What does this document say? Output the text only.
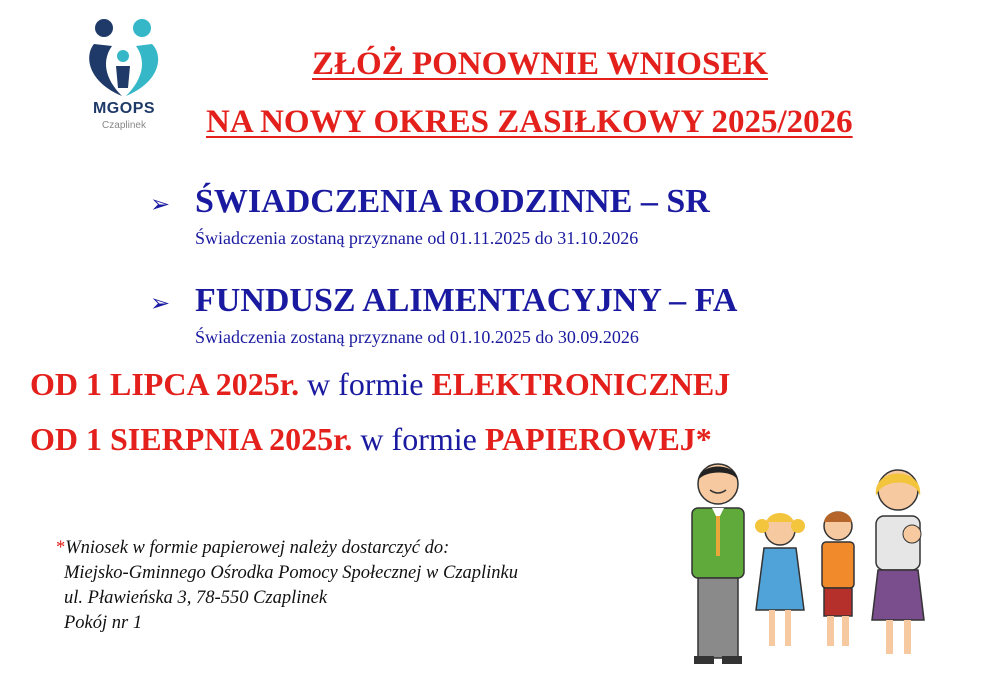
MGOPS
Czaplinek
ZŁÓŻ PONOWNIE WNIOSEK
NA NOWY OKRES ZASIŁKOWY 2025/2026
➢ ŚWIADCZENIA RODZINNE – SR
Świadczenia zostaną przyznane od 01.11.2025 do 31.10.2026
➢ FUNDUSZ ALIMENTACYJNY – FA
Świadczenia zostaną przyznane od 01.10.2025 do 30.09.2026
OD 1 LIPCA 2025r. w formie ELEKTRONICZNEJ
OD 1 SIERPNIA 2025r. w formie PAPIEROWEJ*
*Wniosek w formie papierowej należy dostarczyć do:
Miejsko-Gminnego Ośrodka Pomocy Społecznej w Czaplinku
ul. Pławieńska 3, 78-550 Czaplinek
Pokój nr 1
